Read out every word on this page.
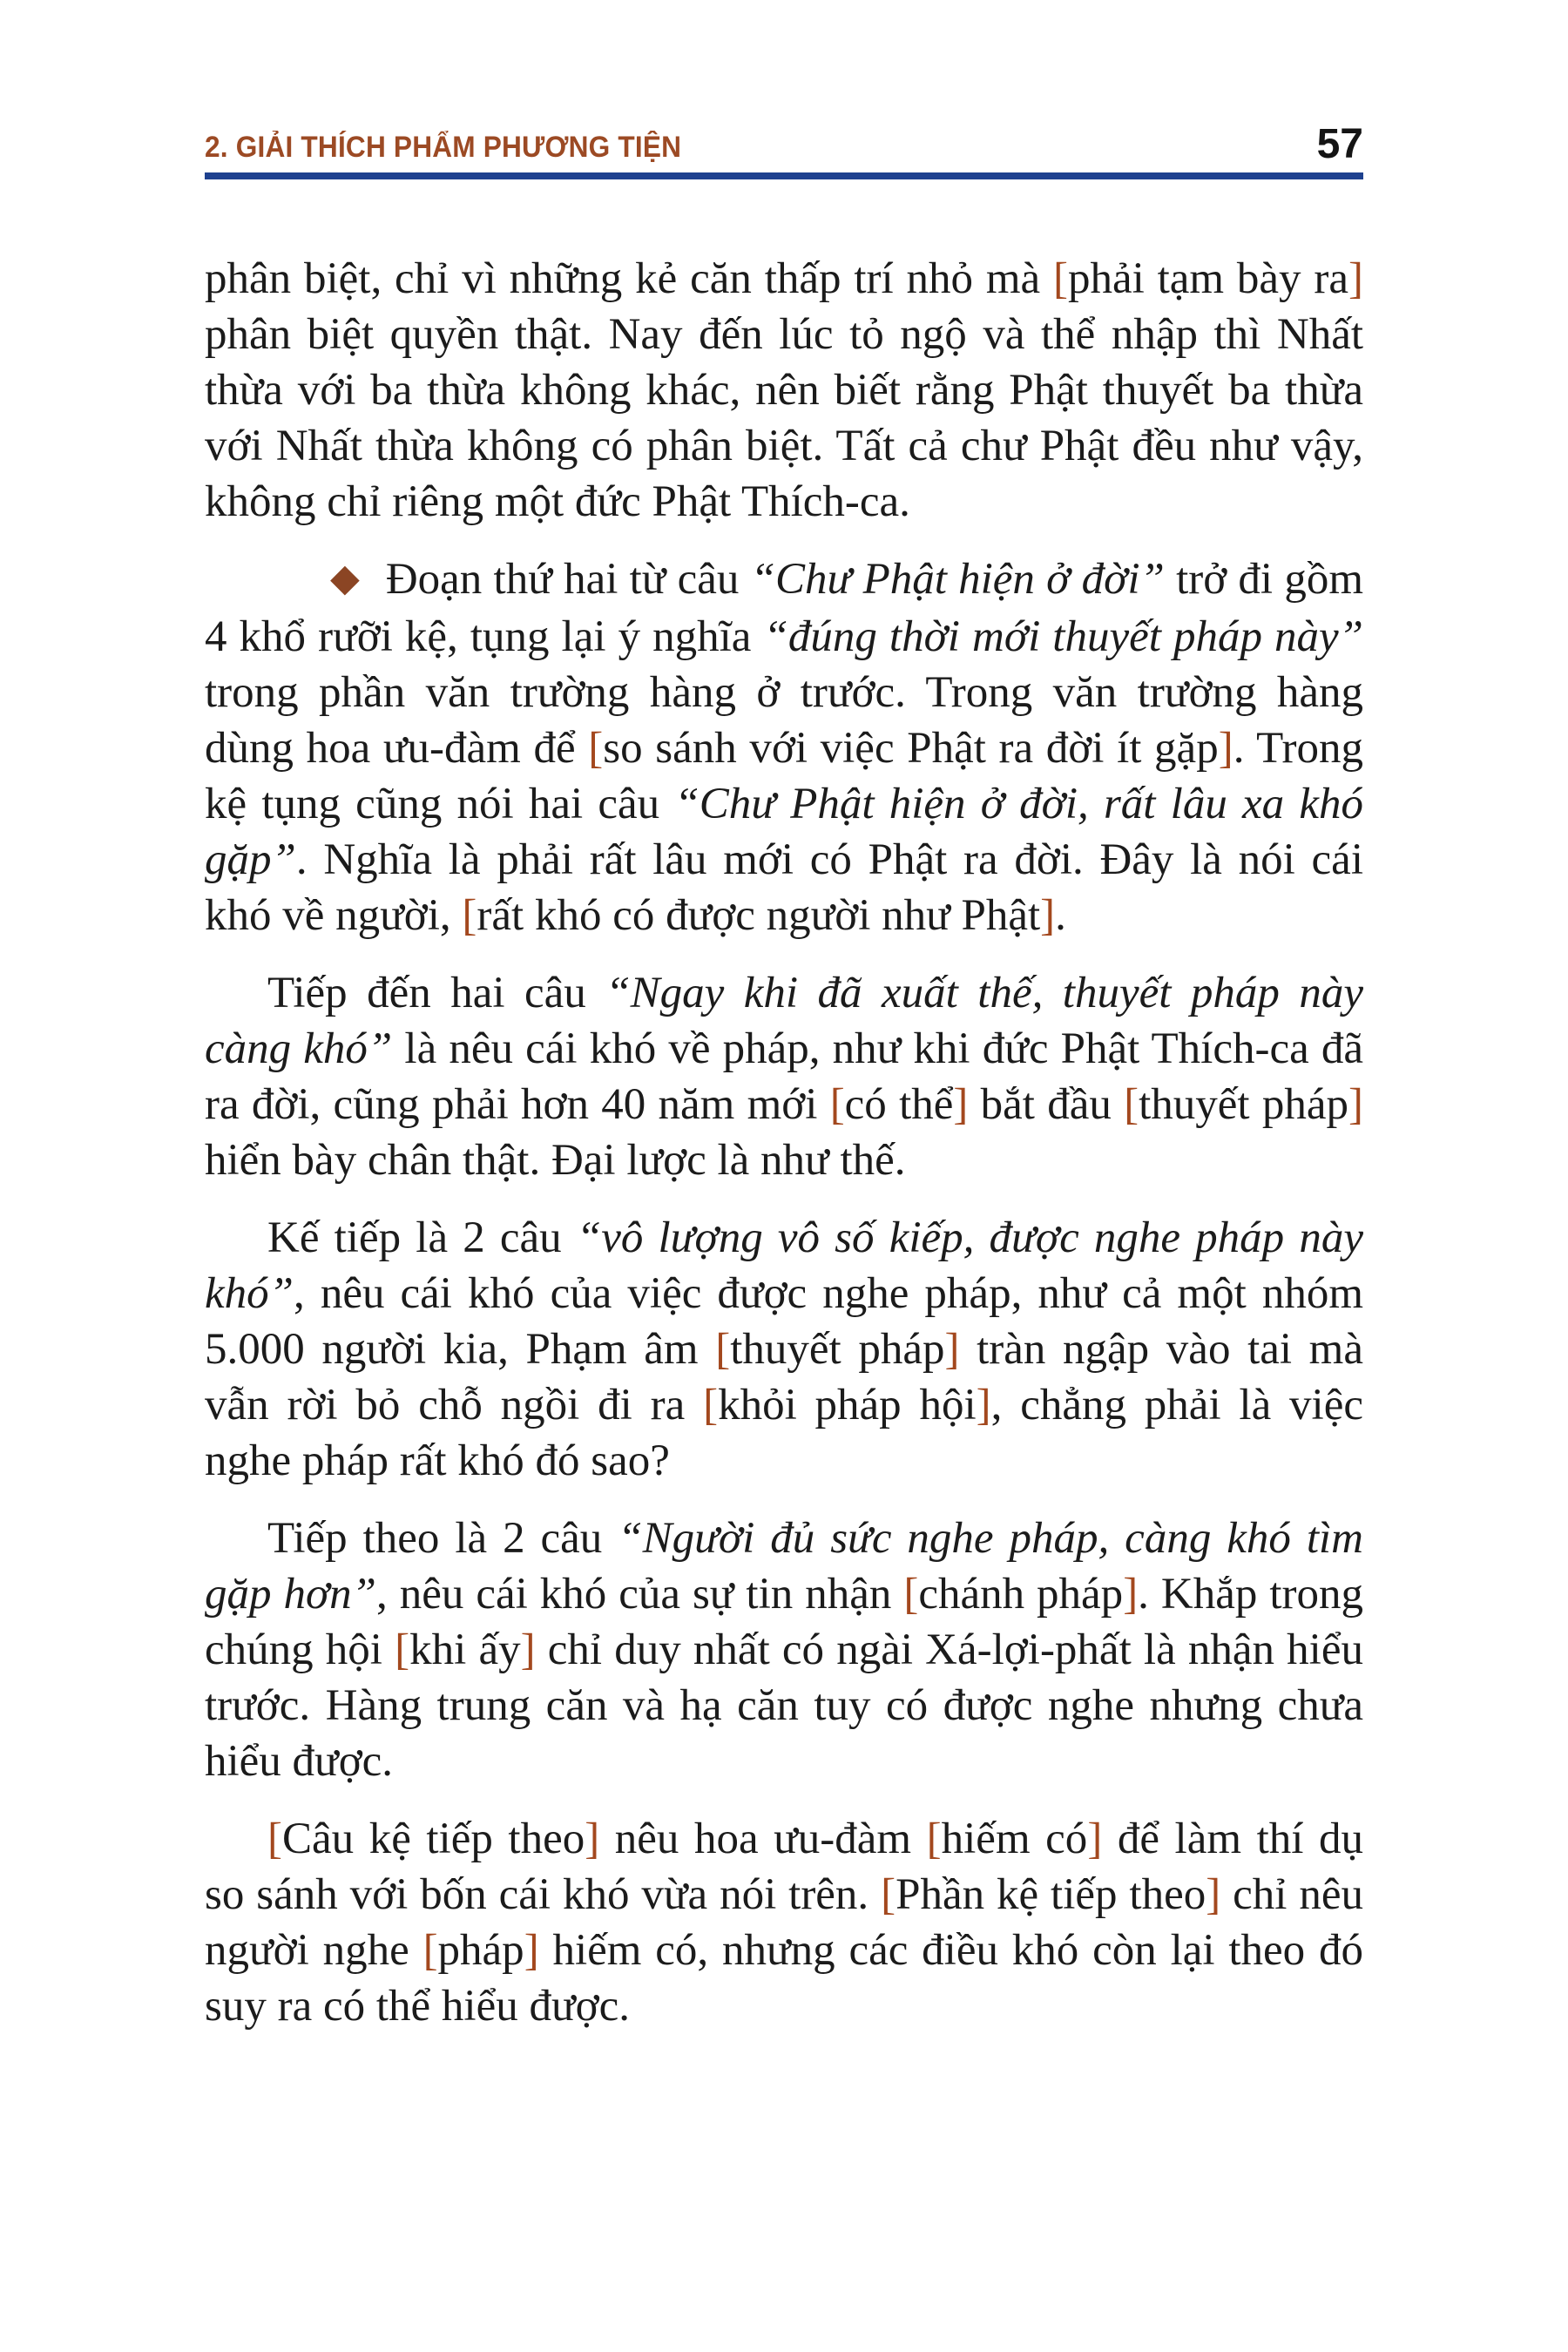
2. GIẢI THÍCH PHẨM PHƯƠNG TIỆN	57

phân biệt, chỉ vì những kẻ căn thấp trí nhỏ mà [phải tạm bày ra] phân biệt quyền thật. Nay đến lúc tỏ ngộ và thể nhập thì Nhất thừa với ba thừa không khác, nên biết rằng Phật thuyết ba thừa với Nhất thừa không có phân biệt. Tất cả chư Phật đều như vậy, không chỉ riêng một đức Phật Thích-ca.

◆ Đoạn thứ hai từ câu “Chư Phật hiện ở đời” trở đi gồm 4 khổ rưỡi kệ, tụng lại ý nghĩa “đúng thời mới thuyết pháp này” trong phần văn trường hàng ở trước. Trong văn trường hàng dùng hoa ưu-đàm để [so sánh với việc Phật ra đời ít gặp]. Trong kệ tụng cũng nói hai câu “Chư Phật hiện ở đời, rất lâu xa khó gặp”. Nghĩa là phải rất lâu mới có Phật ra đời. Đây là nói cái khó về người, [rất khó có được người như Phật].

Tiếp đến hai câu “Ngay khi đã xuất thế, thuyết pháp này càng khó” là nêu cái khó về pháp, như khi đức Phật Thích-ca đã ra đời, cũng phải hơn 40 năm mới [có thể] bắt đầu [thuyết pháp] hiển bày chân thật. Đại lược là như thế.

Kế tiếp là 2 câu “vô lượng vô số kiếp, được nghe pháp này khó”, nêu cái khó của việc được nghe pháp, như cả một nhóm 5.000 người kia, Phạm âm [thuyết pháp] tràn ngập vào tai mà vẫn rời bỏ chỗ ngồi đi ra [khỏi pháp hội], chẳng phải là việc nghe pháp rất khó đó sao?

Tiếp theo là 2 câu “Người đủ sức nghe pháp, càng khó tìm gặp hơn”, nêu cái khó của sự tin nhận [chánh pháp]. Khắp trong chúng hội [khi ấy] chỉ duy nhất có ngài Xá-lợi-phất là nhận hiểu trước. Hàng trung căn và hạ căn tuy có được nghe nhưng chưa hiểu được.

[Câu kệ tiếp theo] nêu hoa ưu-đàm [hiếm có] để làm thí dụ so sánh với bốn cái khó vừa nói trên. [Phần kệ tiếp theo] chỉ nêu người nghe [pháp] hiếm có, nhưng các điều khó còn lại theo đó suy ra có thể hiểu được.
